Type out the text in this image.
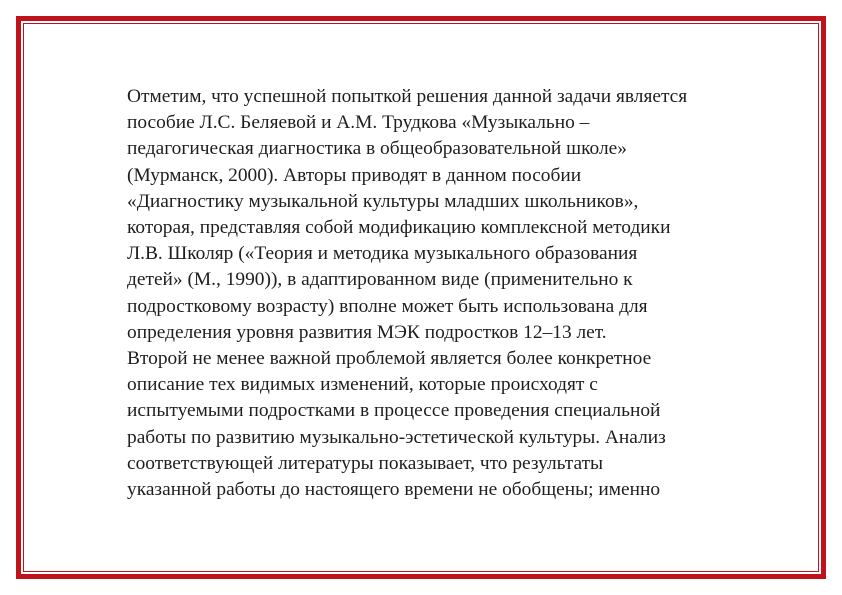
Отметим, что успешной попыткой решения данной задачи является
пособие Л.С. Беляевой и А.М. Трудкова «Музыкально –
педагогическая диагностика в общеобразовательной школе»
(Мурманск, 2000). Авторы приводят в данном пособии
«Диагностику музыкальной культуры младших школьников»,
которая, представляя собой модификацию комплексной методики
Л.В. Школяр («Теория и методика музыкального образования
детей» (М., 1990)), в адаптированном виде (применительно к
подростковому возрасту) вполне может быть использована для
определения уровня развития МЭК подростков 12–13 лет.
Второй не менее важной проблемой является более конкретное
описание тех видимых изменений, которые происходят с
испытуемыми подростками в процессе проведения специальной
работы по развитию музыкально-эстетической культуры. Анализ
соответствующей литературы показывает, что результаты
указанной работы до настоящего времени не обобщены; именно
